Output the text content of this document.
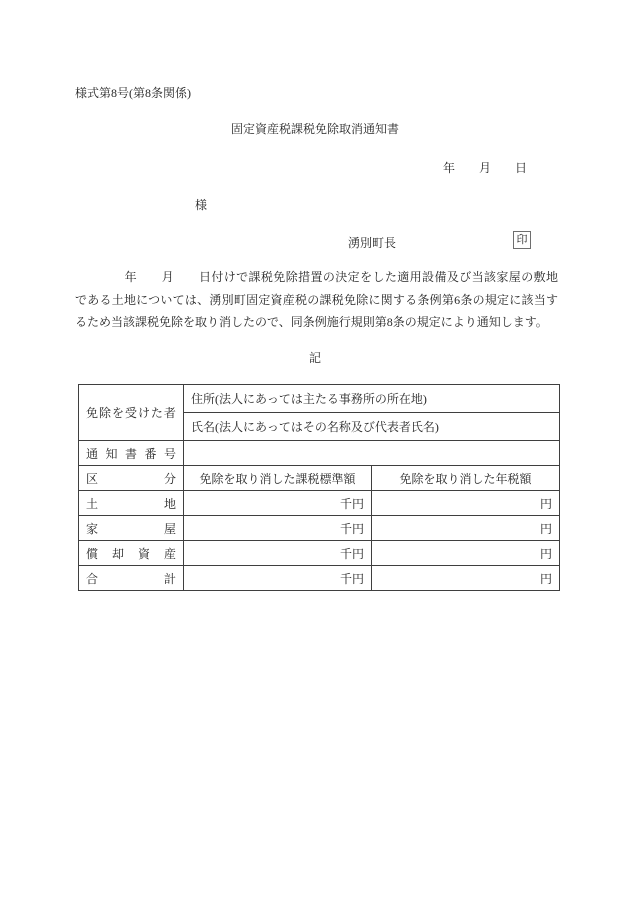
様式第8号(第8条関係)
固定資産税課税免除取消通知書
年　　月　　日
様
湧別町長	印
　　　　年　　月　　日付けで課税免除措置の決定をした適用設備及び当該家屋の敷地
である土地については、湧別町固定資産税の課税免除に関する条例第6条の規定に該当す
るため当該課税免除を取り消したので、同条例施行規則第8条の規定により通知します。
記
免 除 を 受 け た 者
	住所(法人にあっては主たる事務所の所在地)
	氏名(法人にあってはその名称及び代表者氏名)	

通 知 書 番 号		

区 分	免除を取り消した課税標準額	免除を取り消した年税額

土 地	千円	円

家 屋	千円	円

償 却 資 産	千円	円

合 計	千円	円
